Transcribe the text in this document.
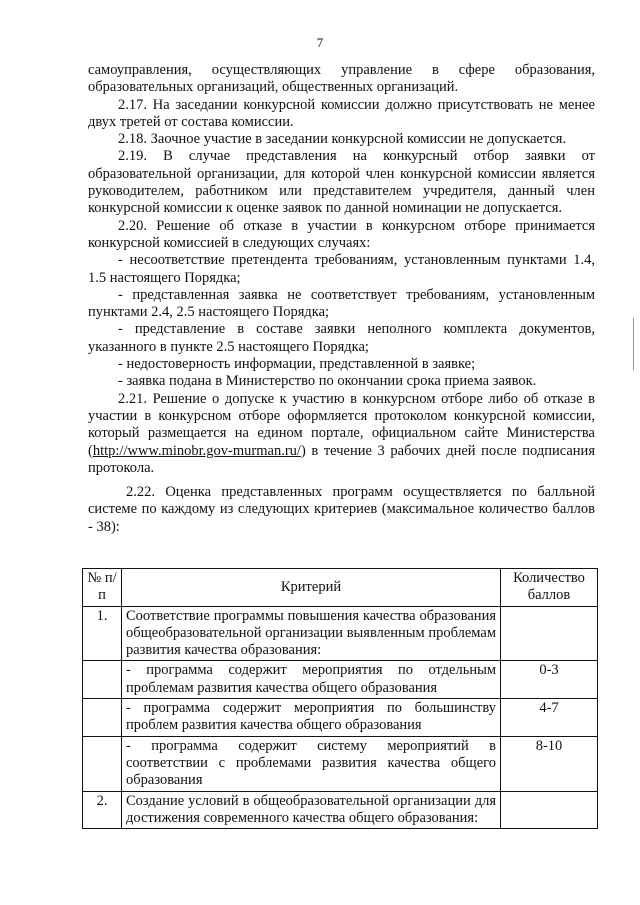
7

самоуправления, осуществляющих управление в сфере образования, образовательных организаций, общественных организаций.

2.17. На заседании конкурсной комиссии должно присутствовать не менее двух третей от состава комиссии.

2.18. Заочное участие в заседании конкурсной комиссии не допускается.

2.19. В случае представления на конкурсный отбор заявки от образовательной организации, для которой член конкурсной комиссии является руководителем, работником или представителем учредителя, данный член конкурсной комиссии к оценке заявок по данной номинации не допускается.

2.20. Решение об отказе в участии в конкурсном отборе принимается конкурсной комиссией в следующих случаях:

- несоответствие претендента требованиям, установленным пунктами 1.4, 1.5 настоящего Порядка;

- представленная заявка не соответствует требованиям, установленным пунктами 2.4, 2.5 настоящего Порядка;

- представление в составе заявки неполного комплекта документов, указанного в пункте 2.5 настоящего Порядка;

- недостоверность информации, представленной в заявке;

- заявка подана в Министерство по окончании срока приема заявок.

2.21. Решение о допуске к участию в конкурсном отборе либо об отказе в участии в конкурсном отборе оформляется протоколом конкурсной комиссии, который размещается на едином портале, официальном сайте Министерства (http://www.minobr.gov-murman.ru/) в течение 3 рабочих дней после подписания протокола.

2.22. Оценка представленных программ осуществляется по балльной системе по каждому из следующих критериев (максимальное количество баллов - 38):

№ п/п	Критерий	Количество баллов
1.	Соответствие программы повышения качества образования общеобразовательной организации выявленным проблемам развития качества образования:	
	- программа содержит мероприятия по отдельным проблемам развития качества общего образования	0-3
	- программа содержит мероприятия по большинству проблем развития качества общего образования	4-7
	- программа содержит систему мероприятий в соответствии с проблемами развития качества общего образования	8-10
2.	Создание условий в общеобразовательной организации для достижения современного качества общего образования:	
